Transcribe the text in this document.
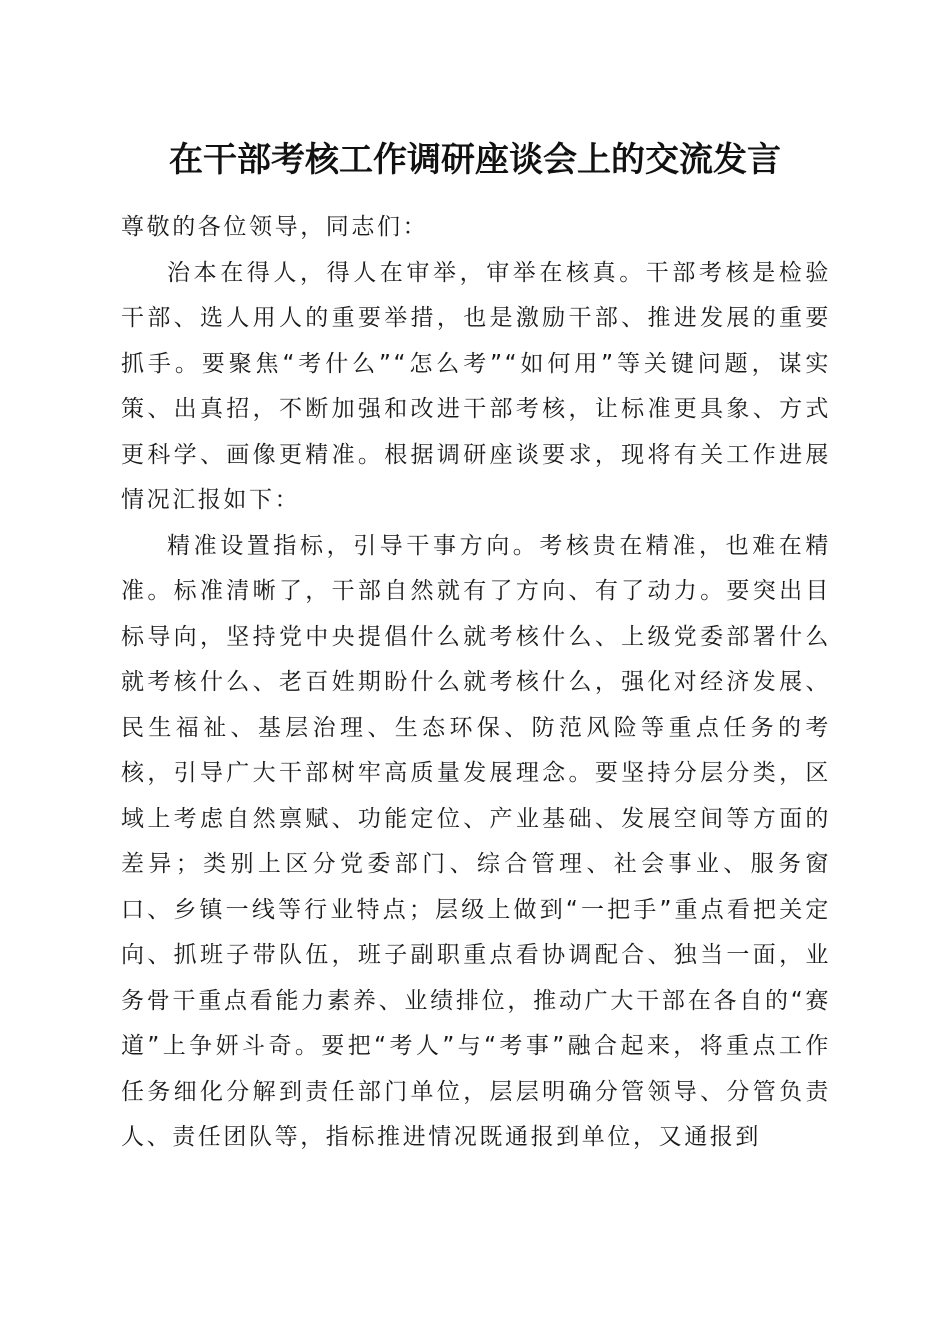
在干部考核工作调研座谈会上的交流发言

尊敬的各位领导，同志们：

治本在得人，得人在审举，审举在核真。干部考核是检验干部、选人用人的重要举措，也是激励干部、推进发展的重要抓手。要聚焦“考什么”“怎么考”“如何用”等关键问题，谋实策、出真招，不断加强和改进干部考核，让标准更具象、方式更科学、画像更精准。根据调研座谈要求，现将有关工作进展情况汇报如下：

精准设置指标，引导干事方向。考核贵在精准，也难在精准。标准清晰了，干部自然就有了方向、有了动力。要突出目标导向，坚持党中央提倡什么就考核什么、上级党委部署什么就考核什么、老百姓期盼什么就考核什么，强化对经济发展、民生福祉、基层治理、生态环保、防范风险等重点任务的考核，引导广大干部树牢高质量发展理念。要坚持分层分类，区域上考虑自然禀赋、功能定位、产业基础、发展空间等方面的差异；类别上区分党委部门、综合管理、社会事业、服务窗口、乡镇一线等行业特点；层级上做到“一把手”重点看把关定向、抓班子带队伍，班子副职重点看协调配合、独当一面，业务骨干重点看能力素养、业绩排位，推动广大干部在各自的“赛道”上争妍斗奇。要把“考人”与“考事”融合起来，将重点工作任务细化分解到责任部门单位，层层明确分管领导、分管负责人、责任团队等，指标推进情况既通报到单位，又通报到
